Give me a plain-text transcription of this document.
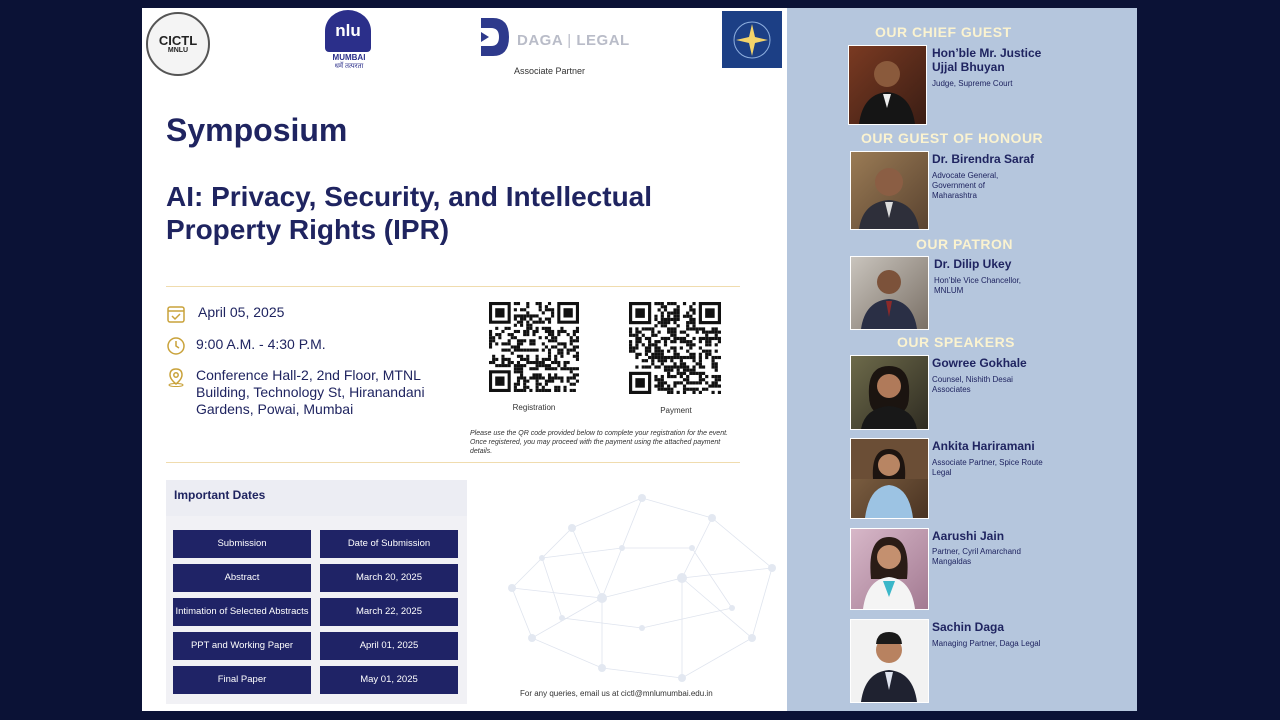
CICTL
MNLU
nlu
MUMBAI
धर्मे तत्परता
DAGA | LEGAL
Associate Partner
Symposium
AI: Privacy, Security, and Intellectual Property Rights (IPR)
April 05, 2025
9:00 A.M. - 4:30 P.M.
Conference Hall-2, 2nd Floor, MTNL Building, Technology St, Hiranandani Gardens, Powai, Mumbai	Registration	Payment
Please use the QR code provided below to complete your registration for the event. Once registered, you may proceed with the payment using the attached payment details.
Important Dates
Submission	Date of Submission
Abstract	March 20, 2025
Intimation of Selected Abstracts	March 22, 2025
PPT and Working Paper	April 01, 2025
Final Paper	May 01, 2025
For any queries, email us at cictl@mnlumumbai.edu.in
OUR CHIEF GUEST
Hon’ble Mr. Justice Ujjal Bhuyan
Judge, Supreme Court
OUR GUEST OF HONOUR
Dr. Birendra Saraf
Advocate General, Government of Maharashtra
OUR PATRON
Dr. Dilip Ukey
Hon’ble Vice Chancellor, MNLUM
OUR SPEAKERS
Gowree Gokhale
Counsel, Nishith Desai Associates
Ankita Hariramani
Associate Partner, Spice Route Legal
Aarushi Jain
Partner, Cyril Amarchand Mangaldas
Sachin Daga
Managing Partner, Daga Legal
